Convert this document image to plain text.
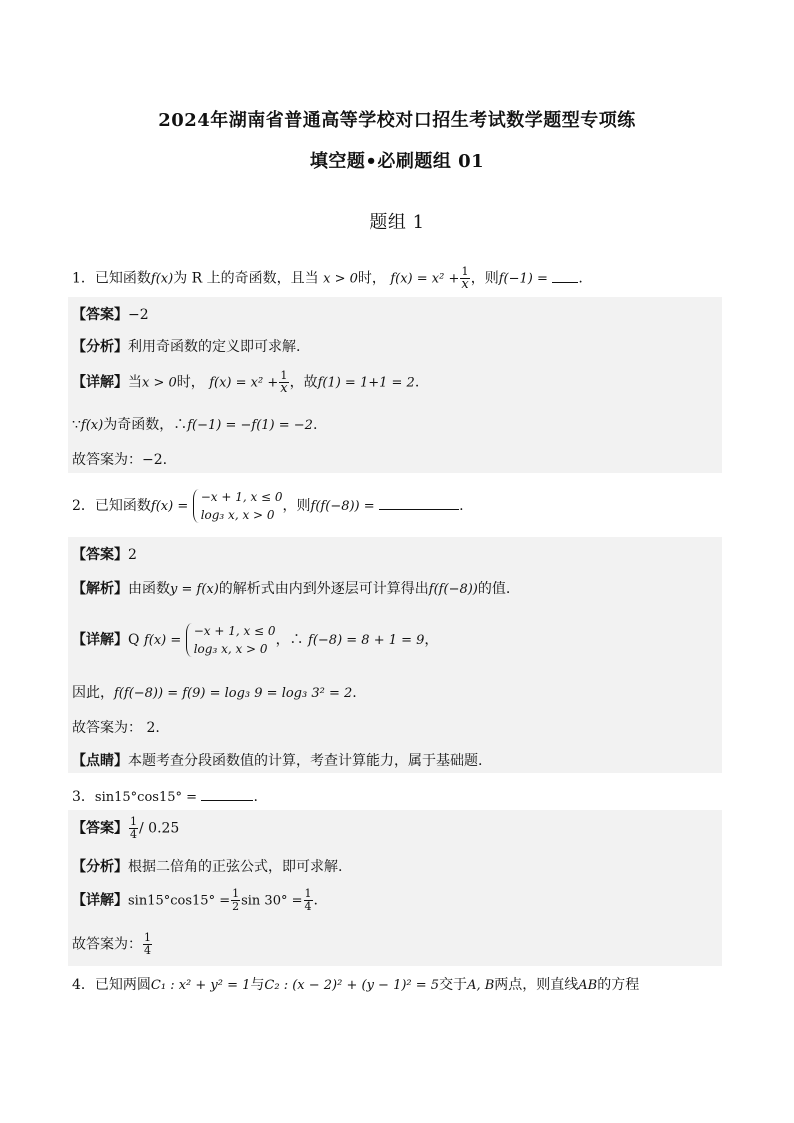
2024年湖南省普通高等学校对口招生考试数学题型专项练
填空题•必刷题组 01
题组 1
1．已知函数f(x)为 R 上的奇函数，且当 x > 0时， $f(x) = x^2 + \frac{1}{x}$ ，则f(−1) = .
【答案】−2
【分析】利用奇函数的定义即可求解.
【详解】当x > 0时， $f(x) = x^2 + \frac{1}{x}$ ，故f(1) = 1+1 = 2.
∵f(x)为奇函数，∴f(−1) = −f(1) = −2.
故答案为：−2.
2．已知函数f(x) =
−x + 1, x ≤ 0
log₃ x, x > 0
，则f(f(−8)) =	.
【答案】2
【解析】由函数y = f(x)的解析式由内到外逐层可计算得出f(f(−8))的值.
【详解】Q f(x) =
−x + 1, x ≤ 0
log₃ x, x > 0
，∴ f(−8) = 8 + 1 = 9，
因此，f(f(−8)) = f(9) = log₃ 9 = log₃ 3² = 2.
故答案为： 2.
【点睛】本题考查分段函数值的计算，考查计算能力，属于基础题.
3．sin15°cos15° =	.
【答案】 $\frac{1}{4} / 0.25$
【分析】根据二倍角的正弦公式，即可求解.
【详解】$\sin 15^\circ\cos 15^\circ = \frac{1}{2}$ $\sin 30^\circ = \frac{1}{4}$ .
故答案为： $\frac{1}{4}$
4．已知两圆C₁ : x² + y² = 1与C₂ : (x − 2)² + (y − 1)² = 5交于A, B两点，则直线AB的方程
